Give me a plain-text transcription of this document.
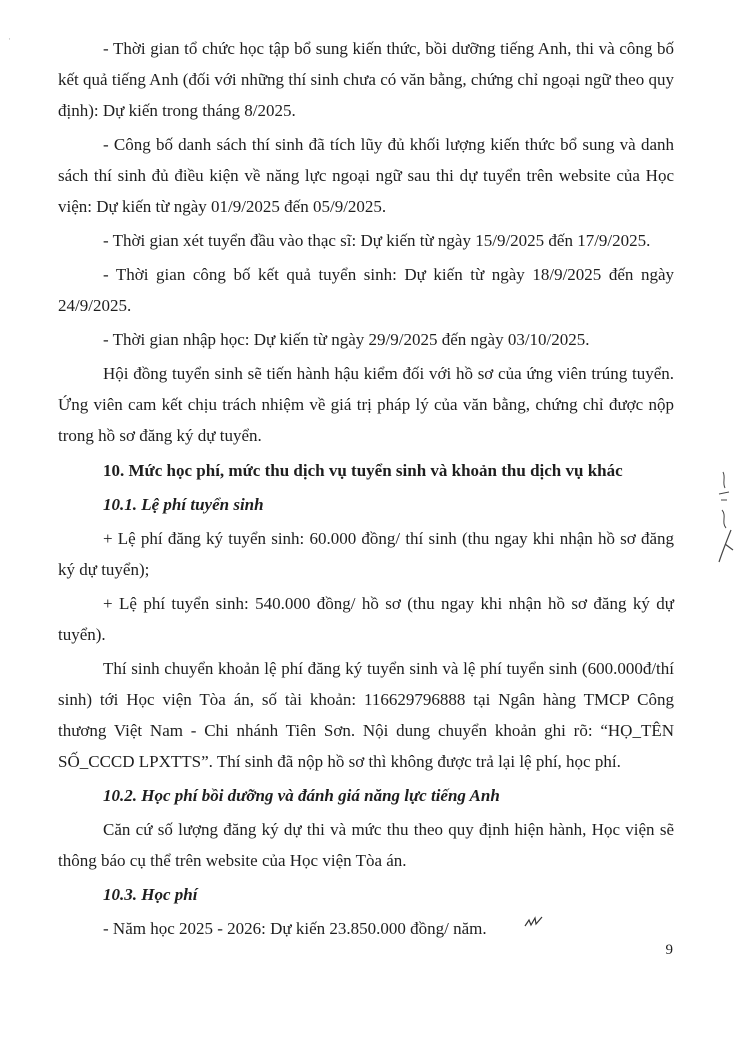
·	- Thời gian tổ chức học tập bổ sung kiến thức, bồi dưỡng tiếng Anh, thi và công bố kết quả tiếng Anh (đối với những thí sinh chưa có văn bằng, chứng chỉ ngoại ngữ theo quy định): Dự kiến trong tháng 8/2025.

- Công bố danh sách thí sinh đã tích lũy đủ khối lượng kiến thức bổ sung và danh sách thí sinh đủ điều kiện về năng lực ngoại ngữ sau thi dự tuyển trên website của Học viện: Dự kiến từ ngày 01/9/2025 đến 05/9/2025.

- Thời gian xét tuyển đầu vào thạc sĩ: Dự kiến từ ngày 15/9/2025 đến 17/9/2025.

- Thời gian công bố kết quả tuyển sinh: Dự kiến từ ngày 18/9/2025 đến ngày 24/9/2025.

- Thời gian nhập học: Dự kiến từ ngày 29/9/2025 đến ngày 03/10/2025.

Hội đồng tuyển sinh sẽ tiến hành hậu kiểm đối với hồ sơ của ứng viên trúng tuyển. Ứng viên cam kết chịu trách nhiệm về giá trị pháp lý của văn bằng, chứng chỉ được nộp trong hồ sơ đăng ký dự tuyển.

10. Mức học phí, mức thu dịch vụ tuyển sinh và khoản thu dịch vụ khác

10.1. Lệ phí tuyển sinh

+ Lệ phí đăng ký tuyển sinh: 60.000 đồng/ thí sinh (thu ngay khi nhận hồ sơ đăng ký dự tuyển);

+ Lệ phí tuyển sinh: 540.000 đồng/ hồ sơ (thu ngay khi nhận hồ sơ đăng ký dự tuyển).

Thí sinh chuyển khoản lệ phí đăng ký tuyển sinh và lệ phí tuyển sinh (600.000đ/thí sinh) tới Học viện Tòa án, số tài khoản: 116629796888 tại Ngân hàng TMCP Công thương Việt Nam - Chi nhánh Tiên Sơn. Nội dung chuyển khoản ghi rõ: “HỌ_TÊN SỐ_CCCD LPXTTS”. Thí sinh đã nộp hồ sơ thì không được trả lại lệ phí, học phí.

10.2. Học phí bồi dưỡng và đánh giá năng lực tiếng Anh

Căn cứ số lượng đăng ký dự thi và mức thu theo quy định hiện hành, Học viện sẽ thông báo cụ thể trên website của Học viện Tòa án.

10.3. Học phí

- Năm học 2025 - 2026: Dự kiến 23.850.000 đồng/ năm.

9
